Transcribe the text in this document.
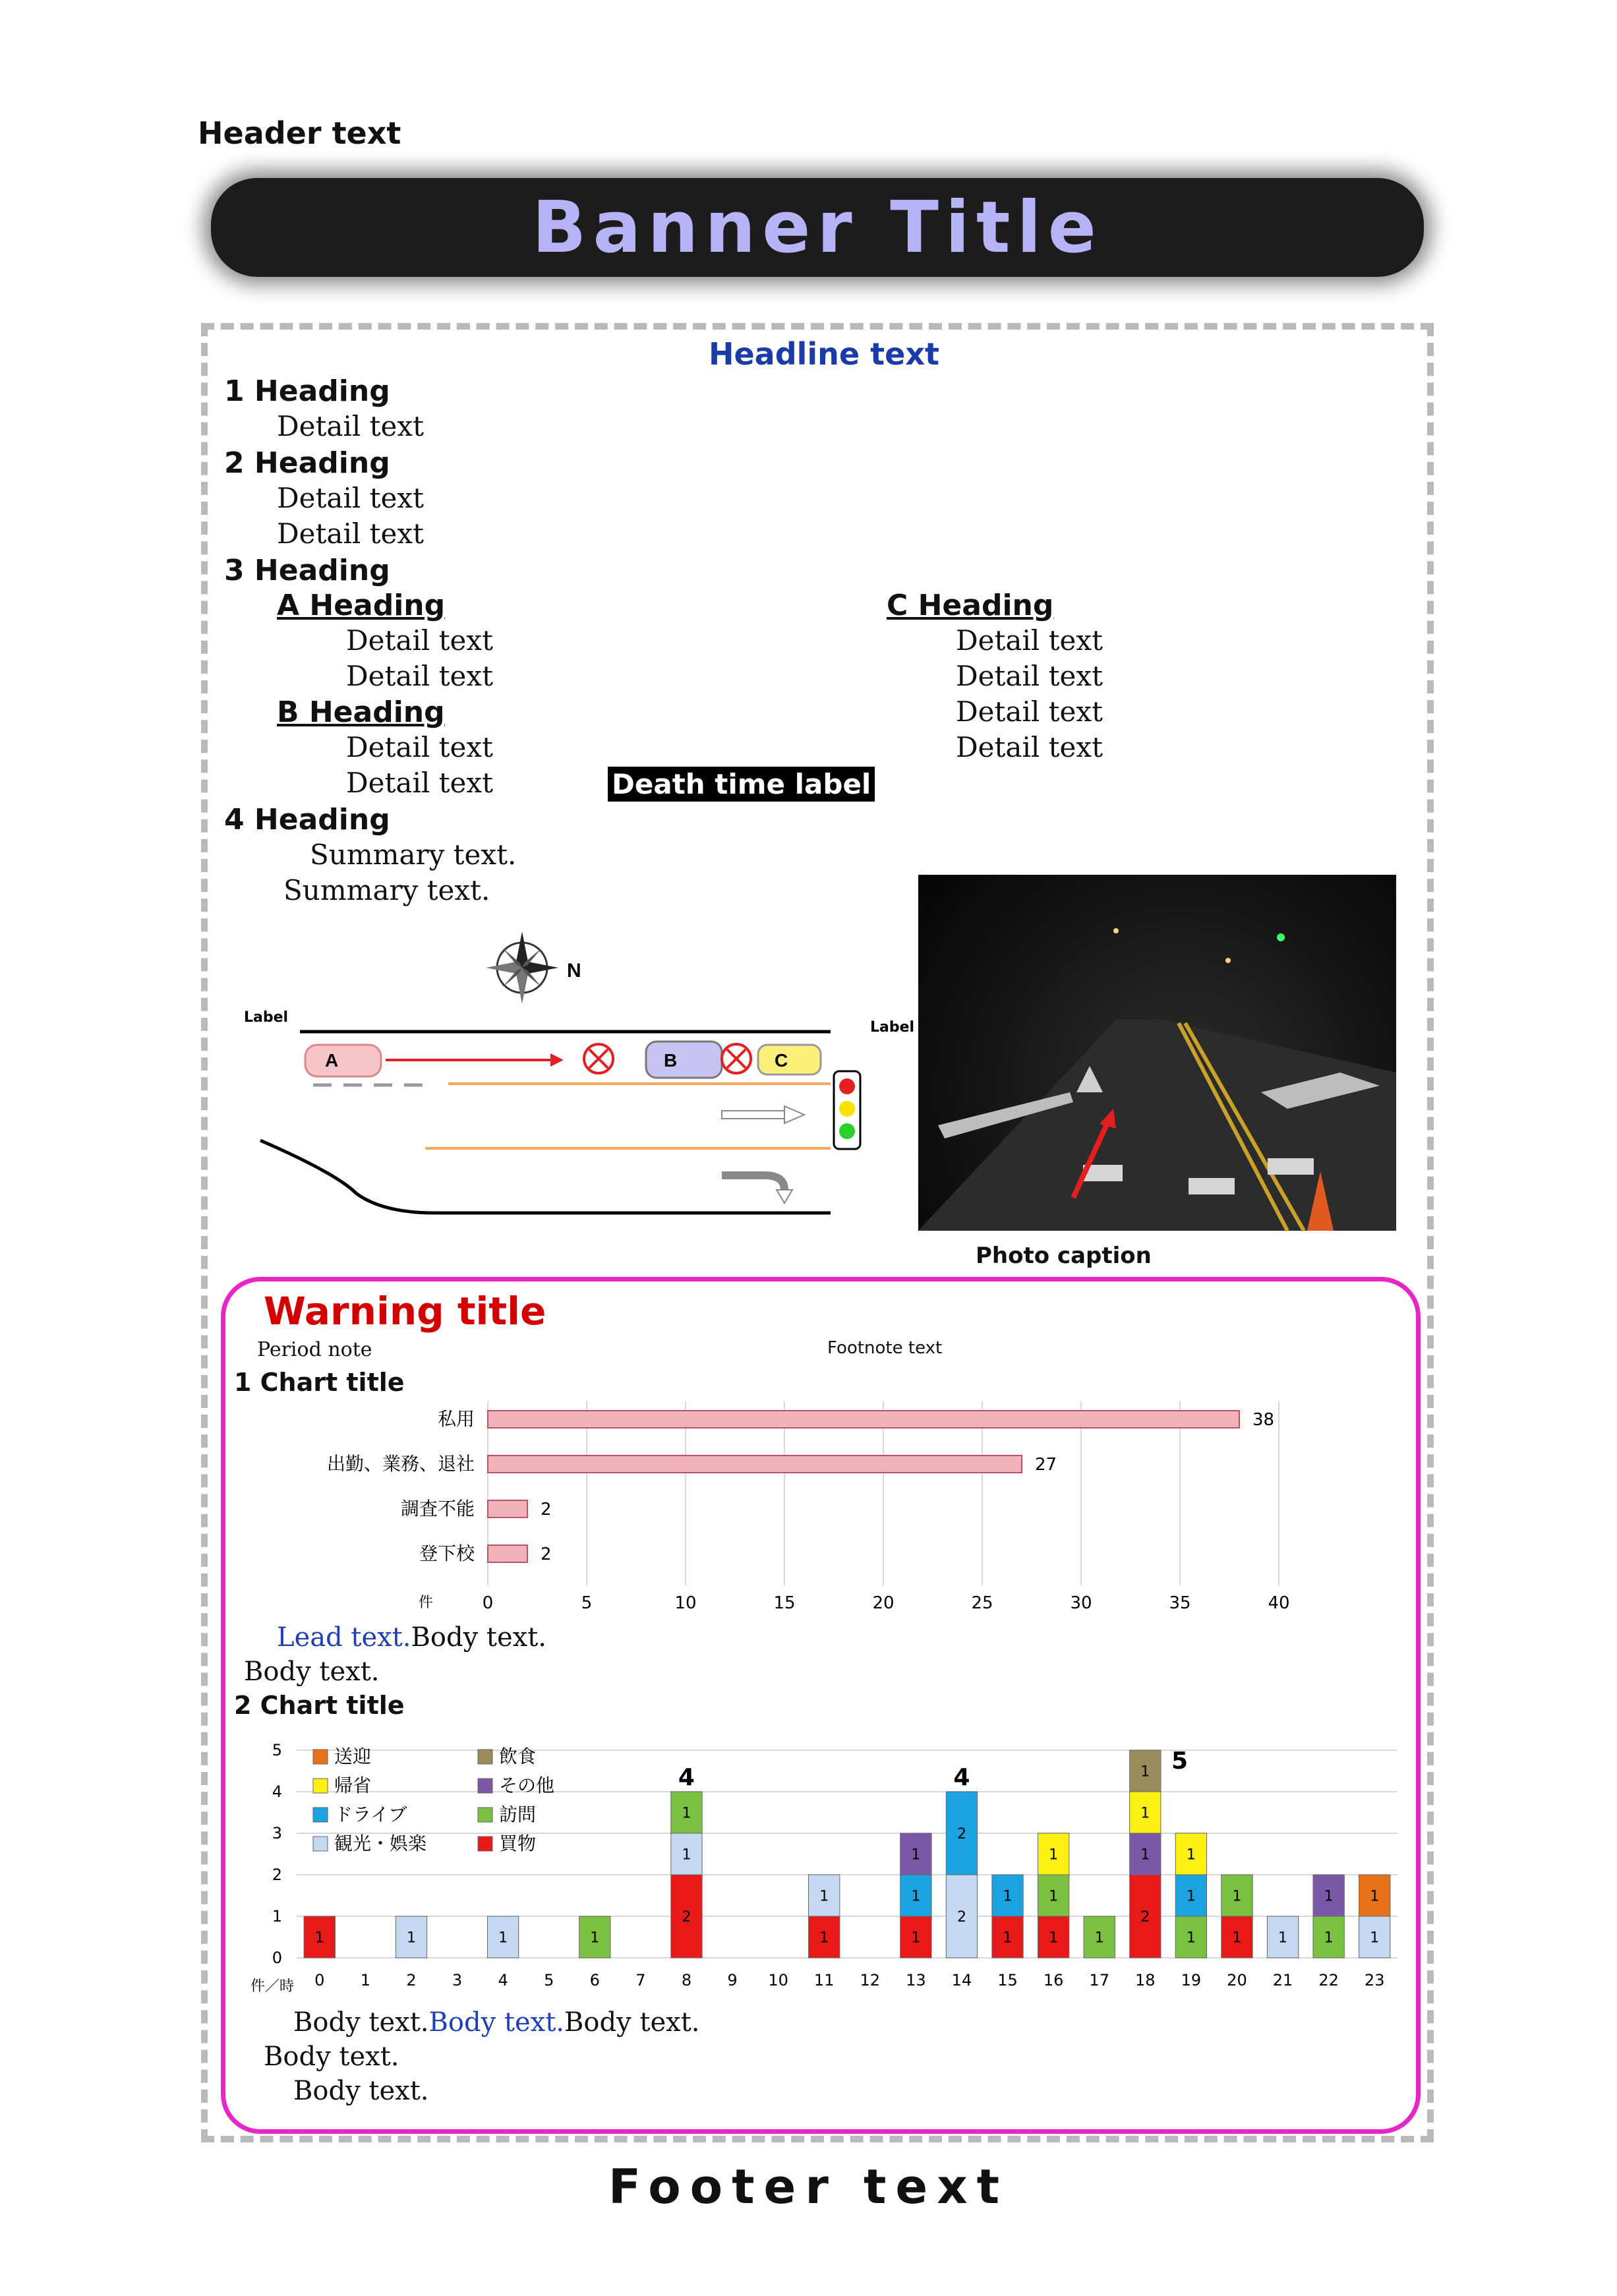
Header text
Banner Title
Headline text
1 Heading
Detail text
2 Heading
Detail text
Detail text
3 Heading
A Heading
Detail text
Detail text
B Heading
Detail text
Detail text	Death time label
C Heading
Detail text
Detail text
Detail text
Detail text
4 Heading
Summary text.
Summary text.
N
Label
Label
A	B	C
Photo caption
Warning title
Period note	Footnote text
1 Chart title
0	5	10	15	20	25	30	35	40
件
私用	38
出勤、業務、退社	27
調査不能	2
登下校	2
Lead text.Body text.
Body text.
2 Chart title
0
1
2
3
4
5
0
1
1 2
1
3 4
1
5 6
1
7 8
2
1
1
9 10 11
1
1
12 13
1
1
1
14
2
2
15
1
1
16
1
1
1
17
1
18
2
1
1
1
19
1
1
1
20
1
1
21
1
22
1
1
23
1
1
件／時
4	4
5
送迎	飲食
帰省	その他
ドライブ	訪問
観光・娯楽	買物
Body text.Body text.Body text.
Body text.
Body text.
Footer text
